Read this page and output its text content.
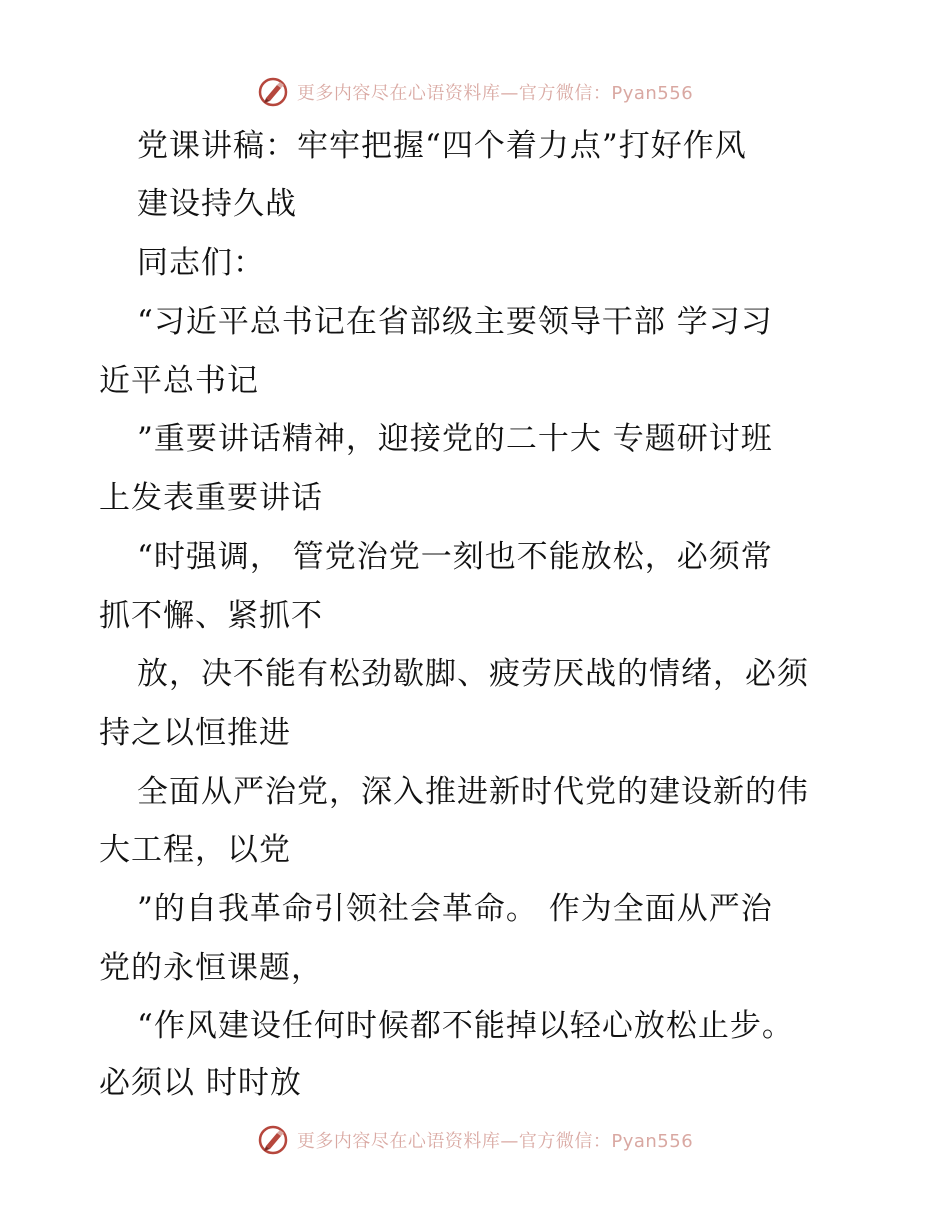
更多内容尽在心语资料库—官方微信：Pyan556
党课讲稿：牢牢把握“四个着力点”打好作风
建设持久战
同志们：
“习近平总书记在省部级主要领导干部 学习习
近平总书记
”重要讲话精神，迎接党的二十大 专题研讨班
上发表重要讲话
“时强调， 管党治党一刻也不能放松，必须常
抓不懈、紧抓不
放，决不能有松劲歇脚、疲劳厌战的情绪，必须
持之以恒推进
全面从严治党，深入推进新时代党的建设新的伟
大工程，以党
”的自我革命引领社会革命。 作为全面从严治
党的永恒课题，
“作风建设任何时候都不能掉以轻心放松止步。
必须以 时时放
更多内容尽在心语资料库—官方微信：Pyan556
